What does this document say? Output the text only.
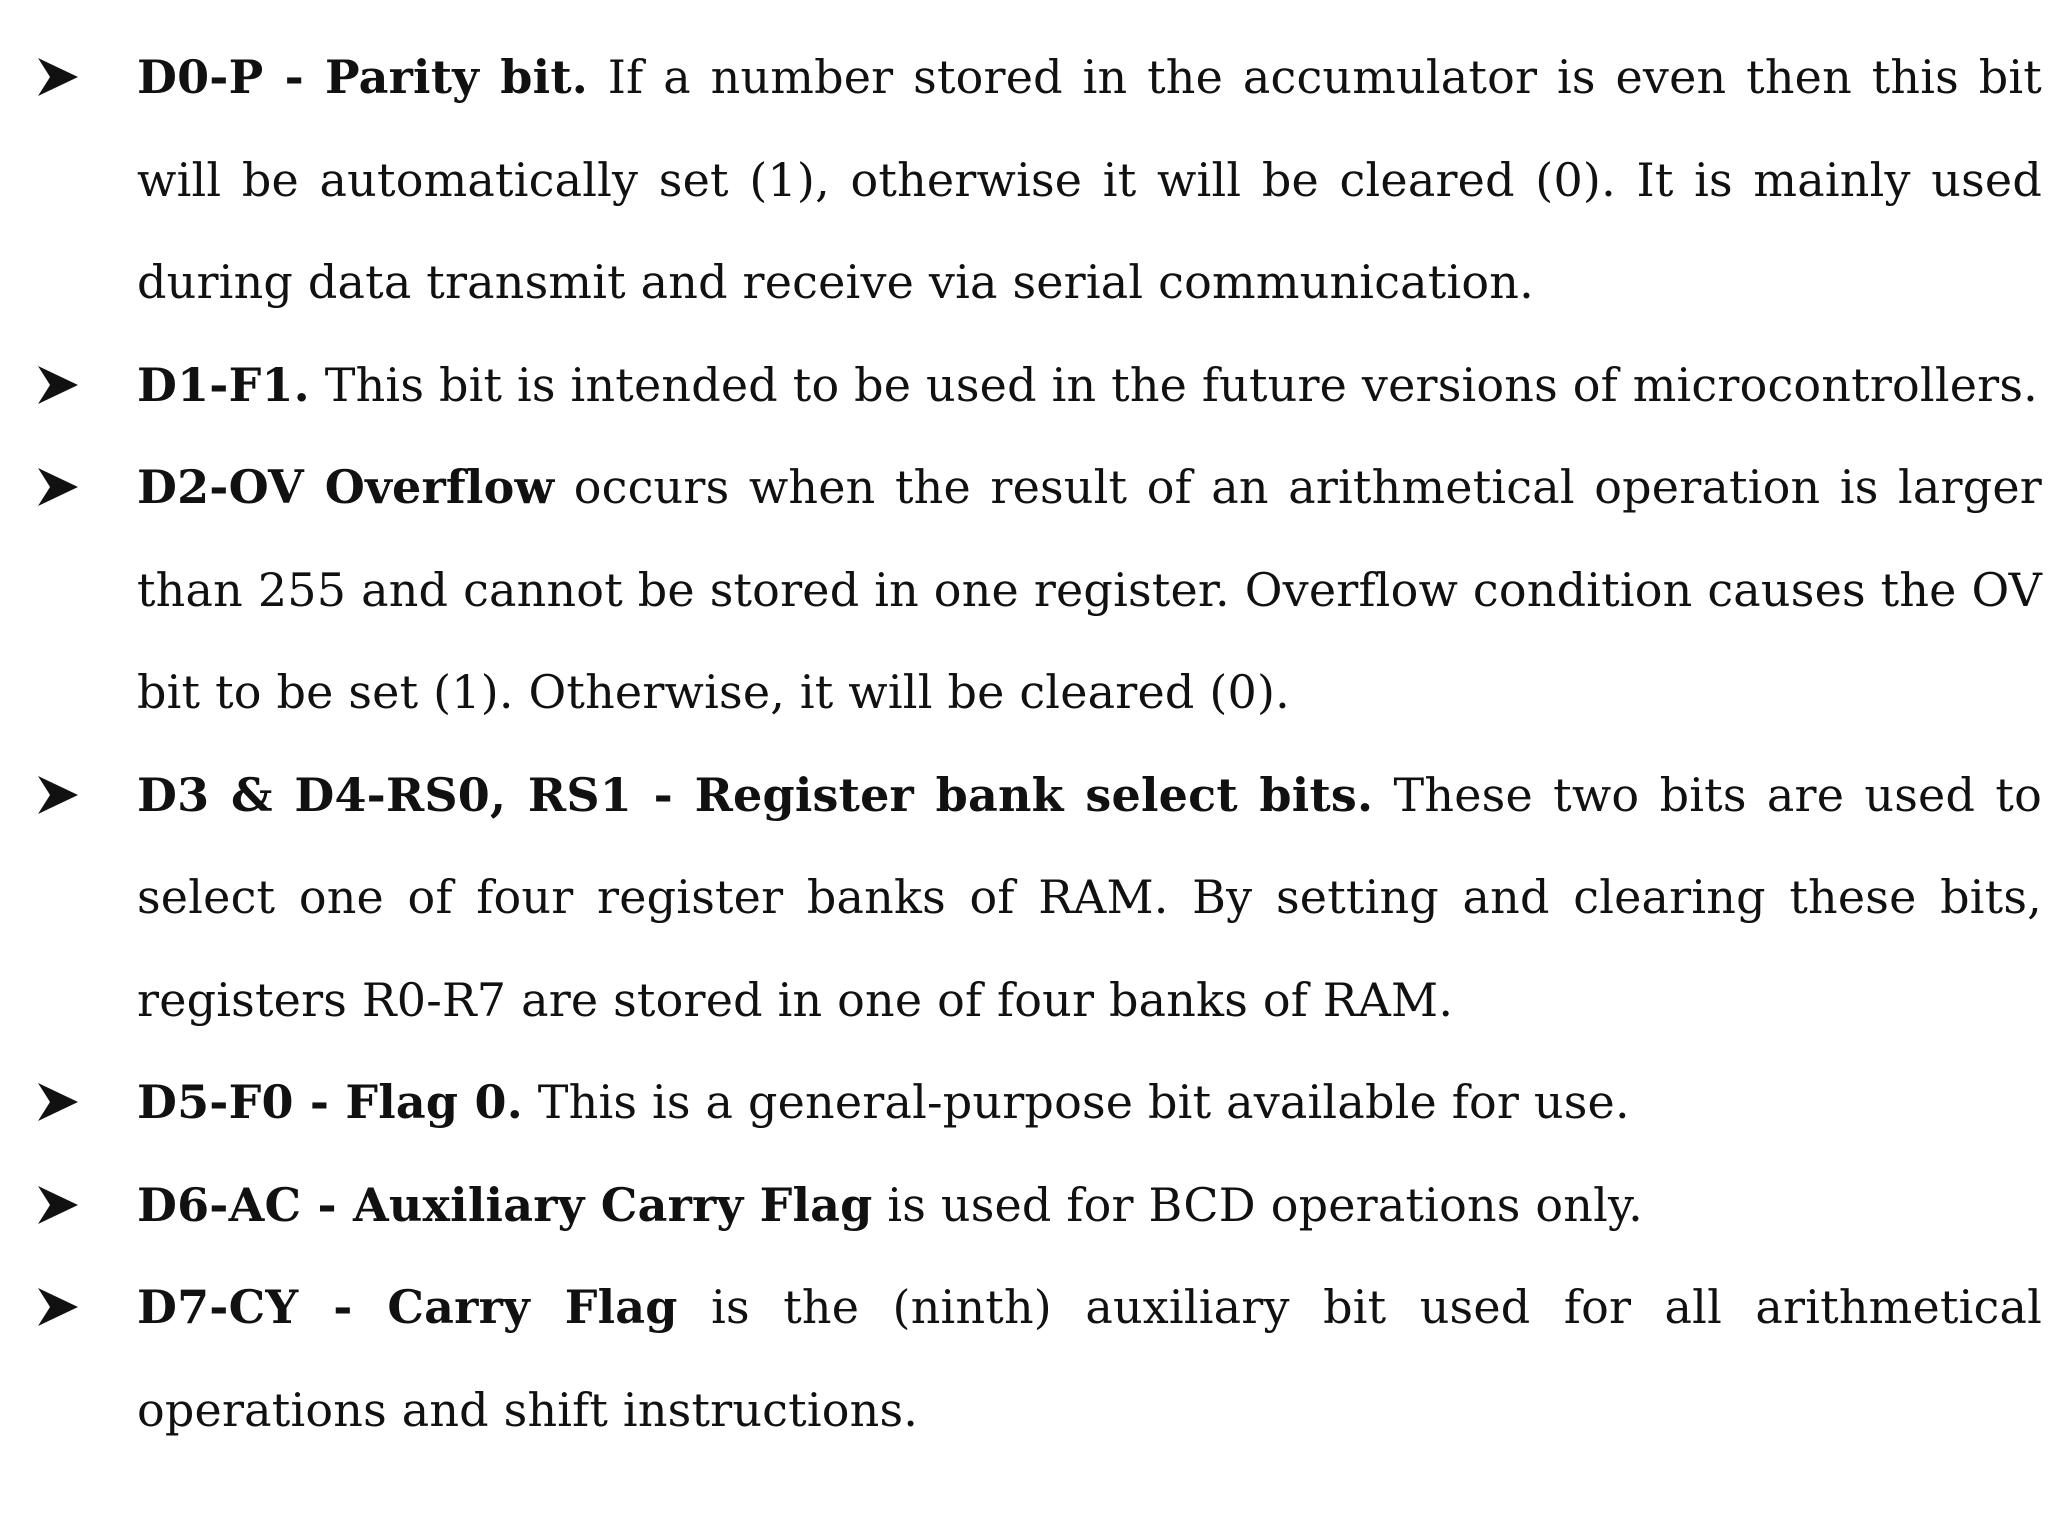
D0-P - Parity bit. If a number stored in the accumulator is even then this bit will be automatically set (1), otherwise it will be cleared (0). It is mainly used during data transmit and receive via serial communication.
D1-F1. This bit is intended to be used in the future versions of microcontrollers.
D2-OV Overflow occurs when the result of an arithmetical operation is larger than 255 and cannot be stored in one register. Overflow condition causes the OV bit to be set (1). Otherwise, it will be cleared (0).
D3 & D4-RS0, RS1 - Register bank select bits. These two bits are used to select one of four register banks of RAM. By setting and clearing these bits, registers R0-R7 are stored in one of four banks of RAM.
D5-F0 - Flag 0. This is a general-purpose bit available for use.
D6-AC - Auxiliary Carry Flag is used for BCD operations only.
D7-CY - Carry Flag is the (ninth) auxiliary bit used for all arithmetical operations and shift instructions.
